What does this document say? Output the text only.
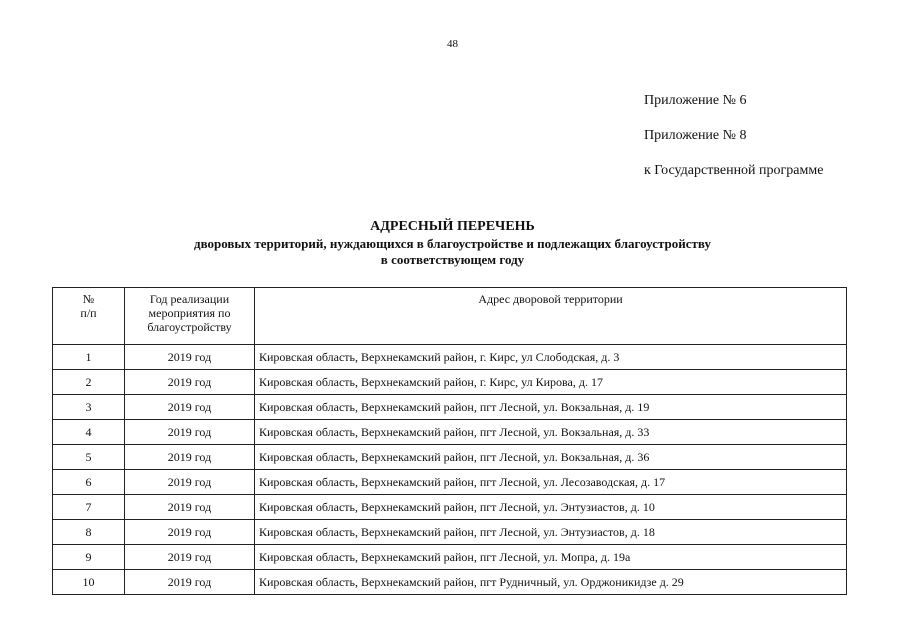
48
Приложение № 6
Приложение № 8
к Государственной программе
АДРЕСНЫЙ ПЕРЕЧЕНЬ
дворовых территорий, нуждающихся в благоустройстве и подлежащих благоустройству
в соответствующем году
№
п/п	Год реализации мероприятия по благоустройству	Адрес дворовой территории
1	2019 год	Кировская область, Верхнекамский район, г. Кирс, ул Слободская, д. 3
2	2019 год	Кировская область, Верхнекамский район, г. Кирс, ул Кирова, д. 17
3	2019 год	Кировская область, Верхнекамский район, пгт Лесной, ул. Вокзальная, д. 19
4	2019 год	Кировская область, Верхнекамский район, пгт Лесной, ул. Вокзальная, д. 33
5	2019 год	Кировская область, Верхнекамский район, пгт Лесной, ул. Вокзальная, д. 36
6	2019 год	Кировская область, Верхнекамский район, пгт Лесной, ул. Лесозаводская, д. 17
7	2019 год	Кировская область, Верхнекамский район, пгт Лесной, ул. Энтузиастов, д. 10
8	2019 год	Кировская область, Верхнекамский район, пгт Лесной, ул. Энтузиастов, д. 18
9	2019 год	Кировская область, Верхнекамский район, пгт Лесной, ул. Мопра, д. 19а
10	2019 год	Кировская область, Верхнекамский район, пгт Рудничный, ул. Орджоникидзе д. 29
